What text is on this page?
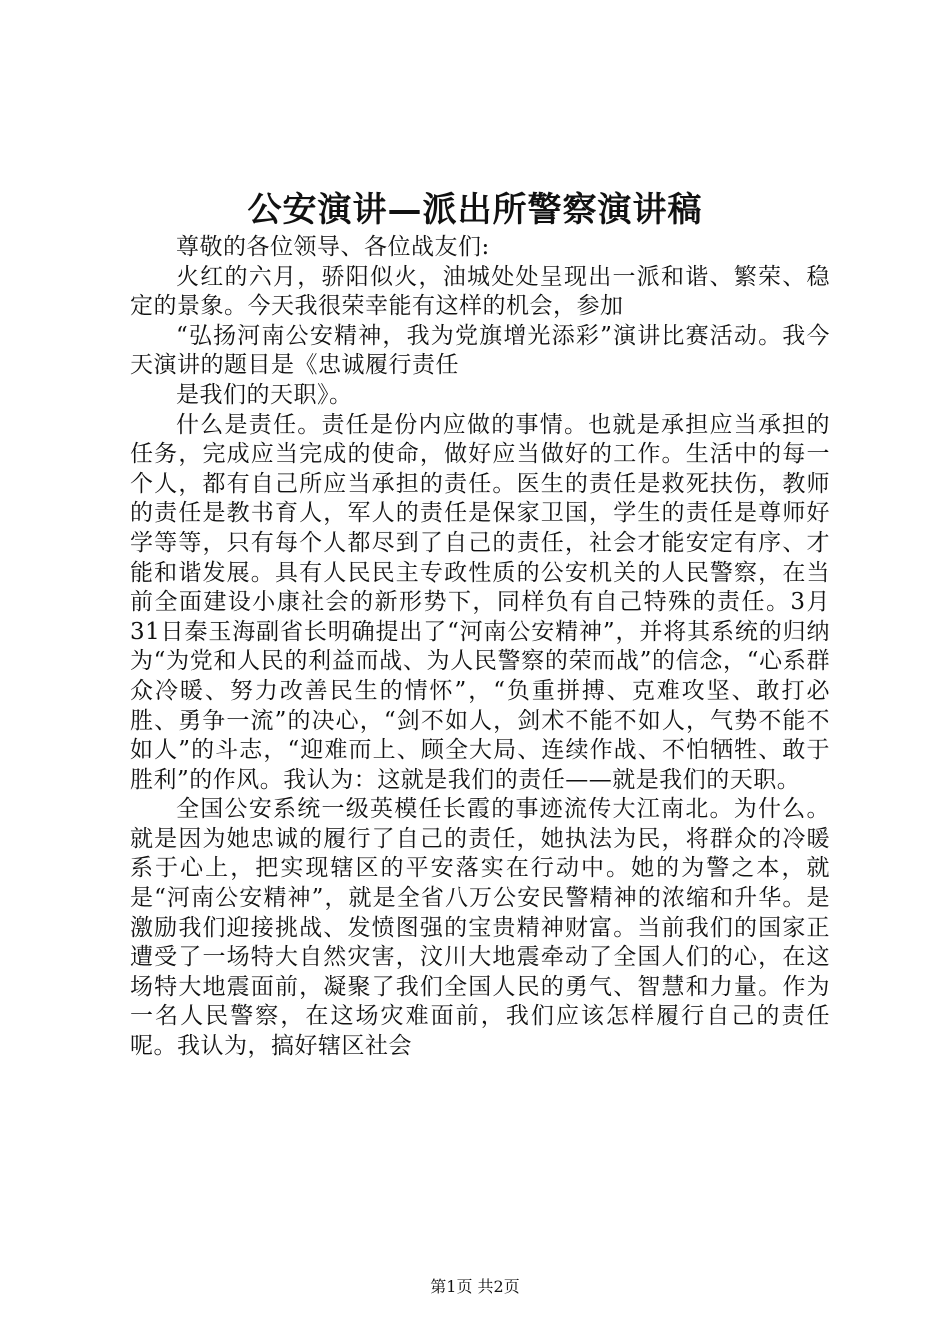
公安演讲—派出所警察演讲稿

尊敬的各位领导、各位战友们:

火红的六月，骄阳似火，油城处处呈现出一派和谐、繁荣、稳定的景象。今天我很荣幸能有这样的机会，参加

“弘扬河南公安精神，我为党旗增光添彩”演讲比赛活动。我今天演讲的题目是《忠诚履行责任

是我们的天职》。

什么是责任。责任是份内应做的事情。也就是承担应当承担的任务，完成应当完成的使命，做好应当做好的工作。生活中的每一个人，都有自己所应当承担的责任。医生的责任是救死扶伤，教师的责任是教书育人，军人的责任是保家卫国，学生的责任是尊师好学等等，只有每个人都尽到了自己的责任，社会才能安定有序、才能和谐发展。具有人民民主专政性质的公安机关的人民警察，在当前全面建设小康社会的新形势下，同样负有自己特殊的责任。3月31日秦玉海副省长明确提出了“河南公安精神”，并将其系统的归纳为“为党和人民的利益而战、为人民警察的荣而战”的信念，“心系群众冷暖、努力改善民生的情怀”，“负重拼搏、克难攻坚、敢打必胜、勇争一流”的决心，“剑不如人，剑术不能不如人，气势不能不如人”的斗志，“迎难而上、顾全大局、连续作战、不怕牺牲、敢于胜利”的作风。我认为：这就是我们的责任——就是我们的天职。

全国公安系统一级英模任长霞的事迹流传大江南北。为什么。就是因为她忠诚的履行了自己的责任，她执法为民，将群众的冷暖系于心上，把实现辖区的平安落实在行动中。她的为警之本，就是“河南公安精神”，就是全省八万公安民警精神的浓缩和升华。是激励我们迎接挑战、发愤图强的宝贵精神财富。当前我们的国家正遭受了一场特大自然灾害，汶川大地震牵动了全国人们的心，在这场特大地震面前，凝聚了我们全国人民的勇气、智慧和力量。作为一名人民警察，在这场灾难面前，我们应该怎样履行自己的责任呢。我认为，搞好辖区社会

第1页 共2页
